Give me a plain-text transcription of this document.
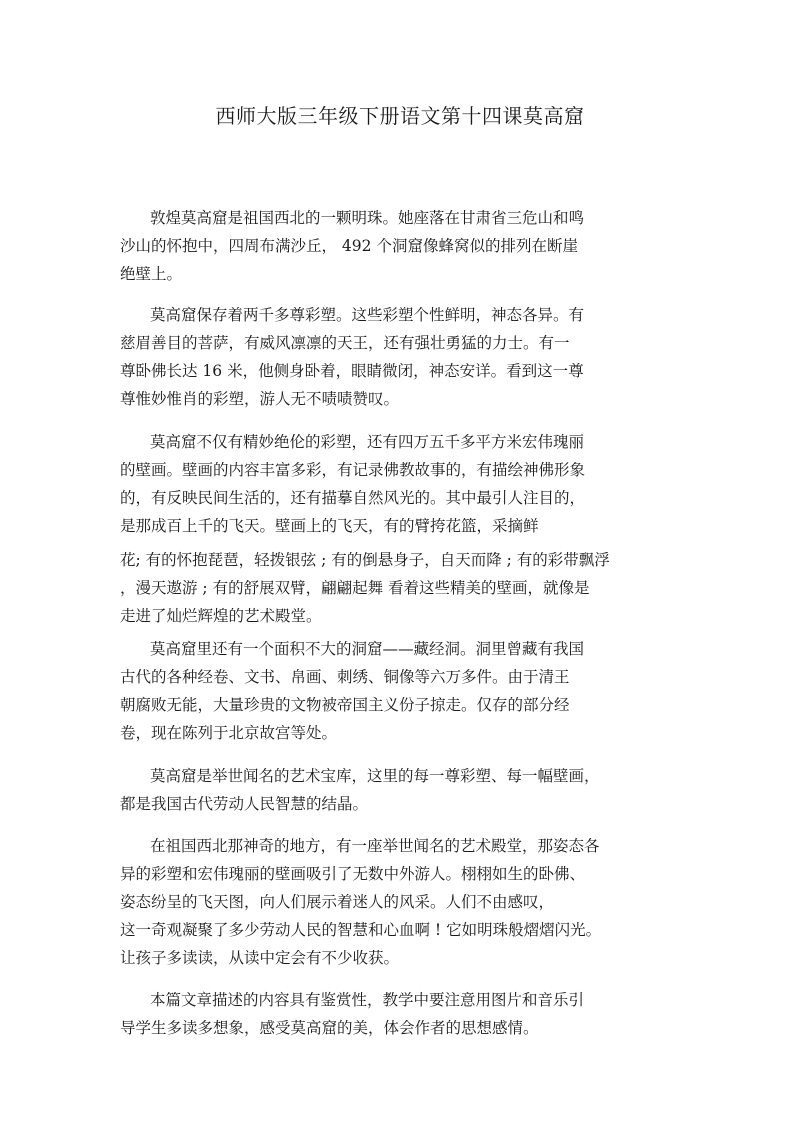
西师大版三年级下册语文第十四课莫高窟
敦煌莫高窟是祖国西北的一颗明珠。她座落在甘肃省三危山和鸣
沙山的怀抱中，四周布满沙丘， 492 个洞窟像蜂窝似的排列在断崖
绝壁上。
莫高窟保存着两千多尊彩塑。这些彩塑个性鲜明，神态各异。有
慈眉善目的菩萨，有威风凛凛的天王，还有强壮勇猛的力士。有一
尊卧佛长达 16 米，他侧身卧着，眼睛微闭，神态安详。看到这一尊
尊惟妙惟肖的彩塑，游人无不啧啧赞叹。
莫高窟不仅有精妙绝伦的彩塑，还有四万五千多平方米宏伟瑰丽
的壁画。壁画的内容丰富多彩，有记录佛教故事的，有描绘神佛形象
的，有反映民间生活的，还有描摹自然风光的。其中最引人注目的，
是那成百上千的飞天。壁画上的飞天，有的臂挎花篮，采摘鲜
花; 有的怀抱琵琶，轻拨银弦 ; 有的倒悬身子，自天而降 ; 有的彩带飘浮
，漫天遨游 ; 有的舒展双臂，翩翩起舞 看着这些精美的壁画，就像是
走进了灿烂辉煌的艺术殿堂。
莫高窟里还有一个面积不大的洞窟——藏经洞。洞里曾藏有我国
古代的各种经卷、文书、帛画、刺绣、铜像等六万多件。由于清王
朝腐败无能，大量珍贵的文物被帝国主义份子掠走。仅存的部分经
卷，现在陈列于北京故宫等处。
莫高窟是举世闻名的艺术宝库，这里的每一尊彩塑、每一幅壁画，
都是我国古代劳动人民智慧的结晶。
在祖国西北那神奇的地方，有一座举世闻名的艺术殿堂，那姿态各
异的彩塑和宏伟瑰丽的壁画吸引了无数中外游人。栩栩如生的卧佛、
姿态纷呈的飞天图，向人们展示着迷人的风采。人们不由感叹，
这一奇观凝聚了多少劳动人民的智慧和心血啊 ! 它如明珠般熠熠闪光。
让孩子多读读，从读中定会有不少收获。
本篇文章描述的内容具有鉴赏性，教学中要注意用图片和音乐引
导学生多读多想象，感受莫高窟的美，体会作者的思想感情。
